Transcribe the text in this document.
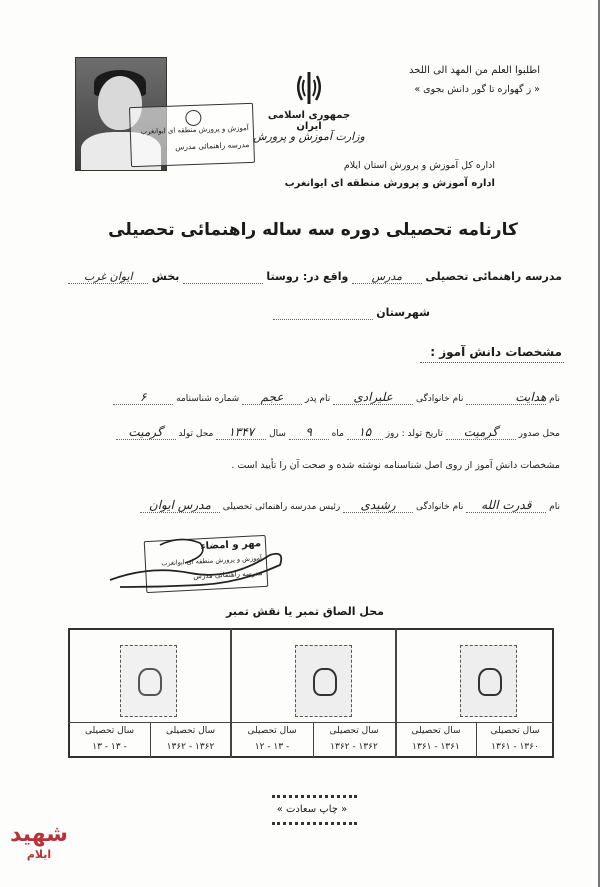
اطلبوا العلم من المهد الی اللحد
« ز گهواره تا گور دانش بجوی »
آموزش و پرورش منطقه ای ایوانغرب
مدرسه راهنمائی مدرس
جمهوری اسلامی ایران
وزارت آموزش و پرورش
اداره کل آموزش و پرورش استان ایلام
اداره آموزش و پرورش منطقه ای ایوانغرب
کارنامه تحصیلی دوره سه ساله راهنمائی تحصیلی
مدرسه راهنمائی تحصیلی مدرس واقع در: روستا   بخش ایوان غرب
شهرستان
مشخصات دانش آموز :
نام هدایت نام خانوادگی علیرادی نام پدر عجم شماره شناسنامه ۶
محل صدور گرمیت تاریخ تولد : روز ۱۵ ماه ۹ سال ۱۳۴۷ محل تولد گرمیت
مشخصات دانش آموز از روی اصل شناسنامه نوشته شده و صحت آن را تأیید است .
نام قدرت الله نام خانوادگی رشیدی رئیس مدرسه راهنمائی تحصیلی مدرس ایوان
مهر و امضاء
آموزش و پرورش منطقه ای ایوانغرب
مدرسه راهنمائی مدرس
محل الصاق تمبر یا نقش تمبر
سال تحصیلی
۱۳۶۱ - ۱۳۶۰
سال تحصیلی
۱۳۶۱ - ۱۳۶۱
سال تحصیلی
۱۳۶۲ - ۱۳۶۲
سال تحصیلی
۱۲ - ۱۳ -
سال تحصیلی
۱۳۶۲ - ۱۳۶۲
سال تحصیلی
۱۳ - ۱۳ -
« چاپ سعادت »
شهید
ایلام
